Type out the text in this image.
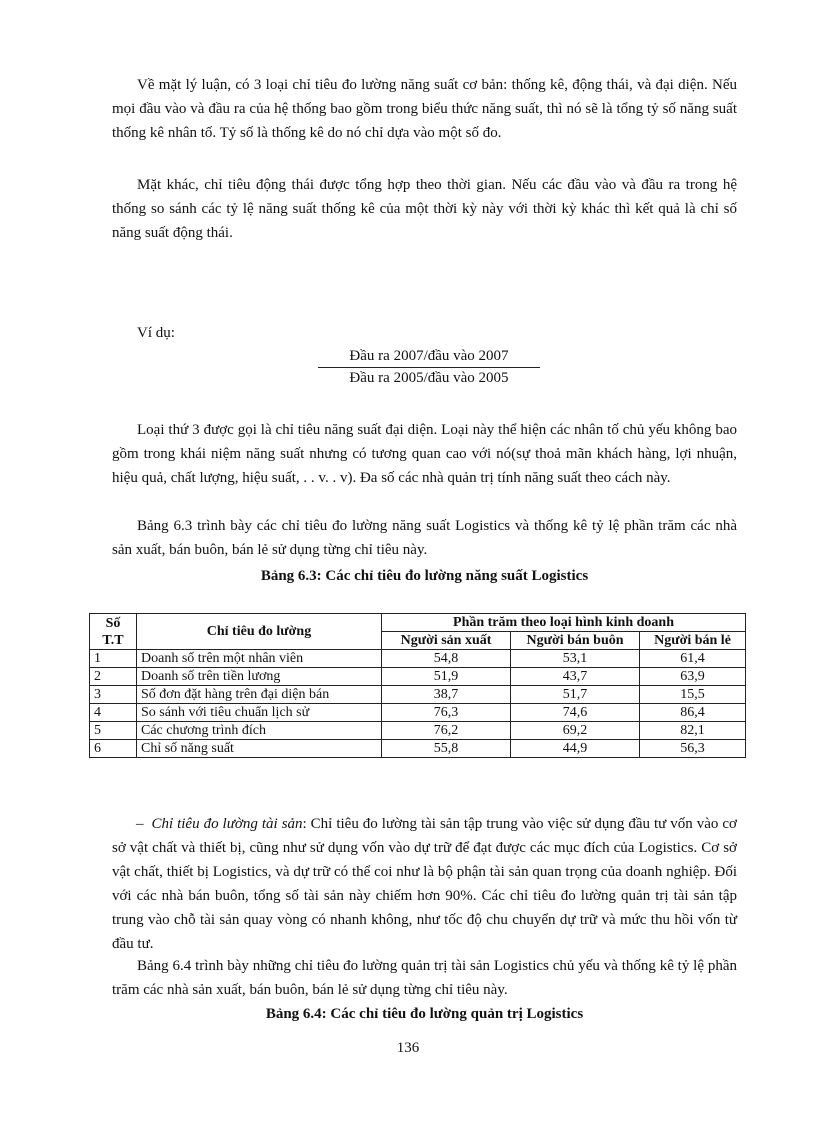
Về mặt lý luận, có 3 loại chỉ tiêu đo lường năng suất cơ bản: thống kê, động thái, và đại diện. Nếu mọi đầu vào và đầu ra của hệ thống bao gồm trong biểu thức năng suất, thì nó sẽ là tổng tỷ số năng suất thống kê nhân tố. Tỷ số là thống kê do nó chỉ dựa vào một số đo.

Mặt khác, chỉ tiêu động thái được tổng hợp theo thời gian. Nếu các đầu vào và đầu ra trong hệ thống so sánh các tỷ lệ năng suất thống kê của một thời kỳ này với thời kỳ khác thì kết quả là chỉ số năng suất động thái.

Ví dụ:

Đầu ra 2007/đầu vào 2007
Đầu ra 2005/đầu vào 2005

Loại thứ 3 được gọi là chỉ tiêu năng suất đại diện. Loại này thể hiện các nhân tố chủ yếu không bao gồm trong khái niệm năng suất nhưng có tương quan cao với nó(sự thoả mãn khách hàng, lợi nhuận, hiệu quả, chất lượng, hiệu suất, . . v. . v). Đa số các nhà quản trị tính năng suất theo cách này.

Bảng 6.3 trình bày các chỉ tiêu đo lường năng suất Logistics và thống kê tỷ lệ phần trăm các nhà sản xuất, bán buôn, bán lẻ sử dụng từng chỉ tiêu này.

Bảng 6.3: Các chỉ tiêu đo lường năng suất Logistics

Số T.T	Chỉ tiêu đo lường	Phần trăm theo loại hình kinh doanh		
		Người sản xuất	Người bán buôn	Người bán lẻ
1	Doanh số trên một nhân viên	54,8	53,1	61,4
2	Doanh số trên tiền lương	51,9	43,7	63,9
3	Số đơn đặt hàng trên đại diện bán	38,7	51,7	15,5
4	So sánh với tiêu chuẩn lịch sử	76,3	74,6	86,4
5	Các chương trình đích	76,2	69,2	82,1
6	Chỉ số năng suất	55,8	44,9	56,3

– Chỉ tiêu đo lường tài sản: Chỉ tiêu đo lường tài sản tập trung vào việc sử dụng đầu tư vốn vào cơ sở vật chất và thiết bị, cũng như sử dụng vốn vào dự trữ để đạt được các mục đích của Logistics. Cơ sở vật chất, thiết bị Logistics, và dự trữ có thể coi như là bộ phận tài sản quan trọng của doanh nghiệp. Đối với các nhà bán buôn, tổng số tài sản này chiếm hơn 90%. Các chỉ tiêu đo lường quản trị tài sản tập trung vào chỗ tài sản quay vòng có nhanh không, như tốc độ chu chuyển dự trữ và mức thu hồi vốn từ đầu tư.

Bảng 6.4 trình bày những chỉ tiêu đo lường quản trị tài sản Logistics chủ yếu và thống kê tỷ lệ phần trăm các nhà sản xuất, bán buôn, bán lẻ sử dụng từng chỉ tiêu này.

Bảng 6.4: Các chỉ tiêu đo lường quản trị Logistics

136
